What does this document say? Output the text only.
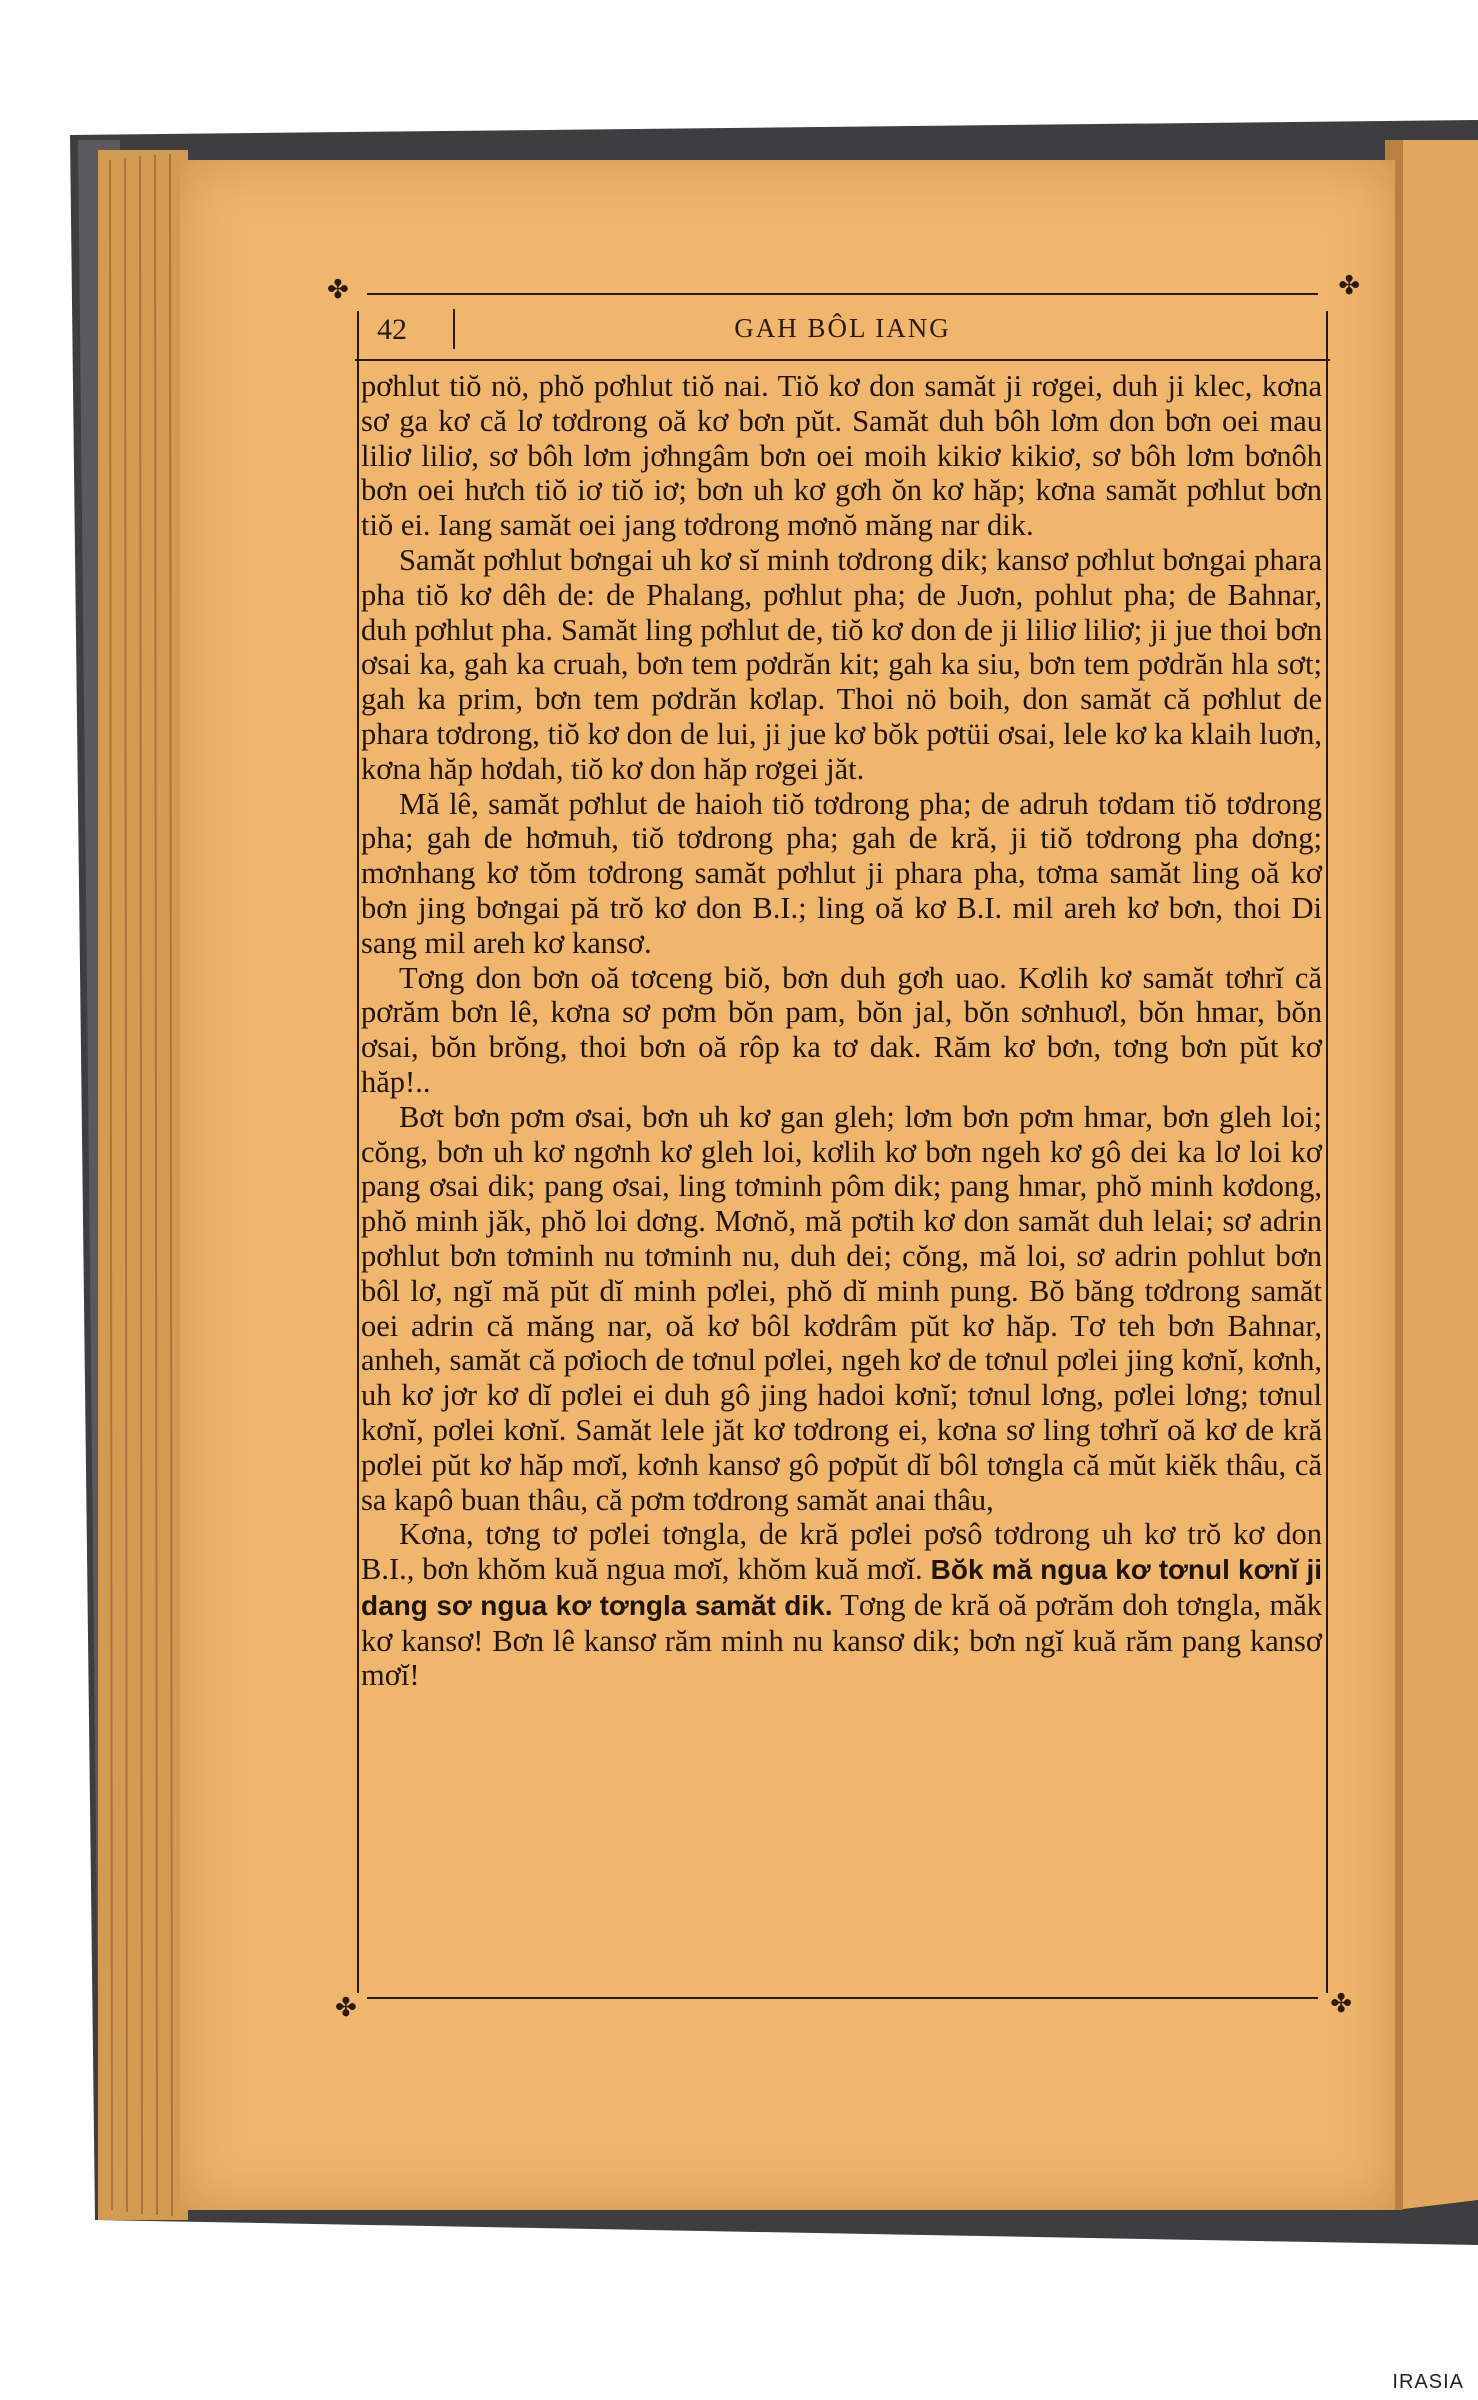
✤	✤
✤	✤
42	GAH BÔL IANG

pơhlut tiŏ nö, phŏ pơhlut tiŏ nai. Tiŏ kơ don samăt ji rơgei, duh ji klec, kơna sơ ga kơ că lơ tơdrong oă kơ bơn pŭt. Samăt duh bôh lơm don bơn oei mau liliơ liliơ, sơ bôh lơm jơhngâm bơn oei moih kikiơ kikiơ, sơ bôh lơm bơnôh bơn oei hưch tiŏ iơ tiŏ iơ; bơn uh kơ gơh ŏn kơ hăp; kơna samăt pơhlut bơn tiŏ ei. Iang samăt oei jang tơdrong mơnŏ măng nar dik.

Samăt pơhlut bơngai uh kơ sĭ minh tơdrong dik; kansơ pơhlut bơngai phara pha tiŏ kơ dêh de: de Phalang, pơhlut pha; de Juơn, pohlut pha; de Bahnar, duh pơhlut pha. Samăt ling pơhlut de, tiŏ kơ don de ji liliơ liliơ; ji jue thoi bơn ơsai ka, gah ka cruah, bơn tem pơdrăn kit; gah ka siu, bơn tem pơdrăn hla sơt; gah ka prim, bơn tem pơdrăn kơlap. Thoi nö boih, don samăt că pơhlut de phara tơdrong, tiŏ kơ don de lui, ji jue kơ bŏk pơtüi ơsai, lele kơ ka klaih luơn, kơna hăp hơdah, tiŏ kơ don hăp rơgei jăt.

Mă lê, samăt pơhlut de haioh tiŏ tơdrong pha; de adruh tơdam tiŏ tơdrong pha; gah de hơmuh, tiŏ tơdrong pha; gah de kră, ji tiŏ tơdrong pha dơng; mơnhang kơ tŏm tơdrong samăt pơhlut ji phara pha, tơma samăt ling oă kơ bơn jing bơngai pă trŏ kơ don B.I.; ling oă kơ B.I. mil areh kơ bơn, thoi Di sang mil areh kơ kansơ.

Tơng don bơn oă tơceng biŏ, bơn duh gơh uao. Kơlih kơ samăt tơhrĭ că pơrăm bơn lê, kơna sơ pơm bŏn pam, bŏn jal, bŏn sơnhuơl, bŏn hmar, bŏn ơsai, bŏn brŏng, thoi bơn oă rôp ka tơ dak. Răm kơ bơn, tơng bơn pŭt kơ hăp!..

Bơt bơn pơm ơsai, bơn uh kơ gan gleh; lơm bơn pơm hmar, bơn gleh loi; cŏng, bơn uh kơ ngơnh kơ gleh loi, kơlih kơ bơn ngeh kơ gô dei ka lơ loi kơ pang ơsai dik; pang ơsai, ling tơminh pôm dik; pang hmar, phŏ minh kơdong, phŏ minh jăk, phŏ loi dơng. Mơnŏ, mă pơtih kơ don samăt duh lelai; sơ adrin pơhlut bơn tơminh nu tơminh nu, duh dei; cŏng, mă loi, sơ adrin pohlut bơn bôl lơ, ngĭ mă pŭt dĭ minh pơlei, phŏ dĭ minh pung. Bŏ băng tơdrong samăt oei adrin că măng nar, oă kơ bôl kơdrâm pŭt kơ hăp. Tơ teh bơn Bahnar, anheh, samăt că pơioch de tơnul pơlei, ngeh kơ de tơnul pơlei jing kơnĭ, kơnh, uh kơ jơr kơ dĭ pơlei ei duh gô jing hadoi kơnĭ; tơnul lơng, pơlei lơng; tơnul kơnĭ, pơlei kơnĭ. Samăt lele jăt kơ tơdrong ei, kơna sơ ling tơhrĭ oă kơ de kră pơlei pŭt kơ hăp mơĭ, kơnh kansơ gô pơpŭt dĭ bôl tơngla că mŭt kiĕk thâu, că sa kapô buan thâu, că pơm tơdrong samăt anai thâu,

Kơna, tơng tơ pơlei tơngla, de kră pơlei pơsô tơdrong uh kơ trŏ kơ don B.I., bơn khŏm kuă ngua mơĭ, khŏm kuă mơĭ. Bŏk mă ngua kơ tơnul kơnĭ ji dang sơ ngua kơ tơngla samăt dik. Tơng de kră oă pơrăm doh tơngla, măk kơ kansơ! Bơn lê kansơ răm minh nu kansơ dik; bơn ngĭ kuă răm pang kansơ mơĭ!

IRASIA
